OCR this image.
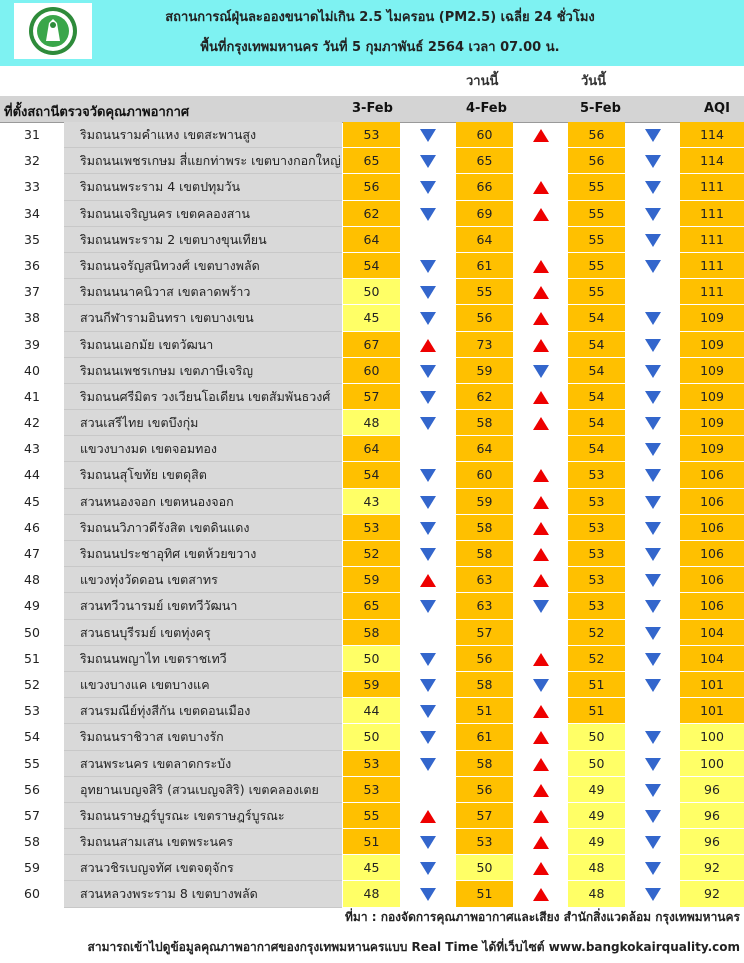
สถานการณ์ฝุ่นละอองขนาดไม่เกิน 2.5 ไมครอน (PM2.5) เฉลี่ย 24 ชั่วโมง
พื้นที่กรุงเทพมหานคร วันที่ 5 กุมภาพันธ์ 2564 เวลา 07.00 น.
วานนี้	วันนี้
ที่ตั้งสถานีตรวจวัดคุณภาพอากาศ	3-Feb	4-Feb	5-Feb	AQI
31	ริมถนนรามคำแหง เขตสะพานสูง	53	60	56	114
32	ริมถนนเพชรเกษม สี่แยกท่าพระ เขตบางกอกใหญ่	65	65	56	114
33	ริมถนนพระราม 4 เขตปทุมวัน	56	66	55	111
34	ริมถนนเจริญนคร เขตคลองสาน	62	69	55	111
35	ริมถนนพระราม 2 เขตบางขุนเทียน	64	64	55	111
36	ริมถนนจรัญสนิทวงศ์ เขตบางพลัด	54	61	55	111
37	ริมถนนนาคนิวาส เขตลาดพร้าว	50	55	55	111
38	สวนกีฬารามอินทรา เขตบางเขน	45	56	54	109
39	ริมถนนเอกมัย เขตวัฒนา	67	73	54	109
40	ริมถนนเพชรเกษม เขตภาษีเจริญ	60	59	54	109
41	ริมถนนศรีมิตร วงเวียนโอเดียน เขตสัมพันธวงศ์	57	62	54	109
42	สวนเสรีไทย เขตบึงกุ่ม	48	58	54	109
43	แขวงบางมด เขตจอมทอง	64	64	54	109
44	ริมถนนสุโขทัย เขตดุสิต	54	60	53	106
45	สวนหนองจอก เขตหนองจอก	43	59	53	106
46	ริมถนนวิภาวดีรังสิต เขตดินแดง	53	58	53	106
47	ริมถนนประชาอุทิศ เขตห้วยขวาง	52	58	53	106
48	แขวงทุ่งวัดดอน เขตสาทร	59	63	53	106
49	สวนทวีวนารมย์ เขตทวีวัฒนา	65	63	53	106
50	สวนธนบุรีรมย์ เขตทุ่งครุ	58	57	52	104
51	ริมถนนพญาไท เขตราชเทวี	50	56	52	104
52	แขวงบางแค เขตบางแค	59	58	51	101
53	สวนรมณีย์ทุ่งสีกัน เขตดอนเมือง	44	51	51	101
54	ริมถนนราชิวาส เขตบางรัก	50	61	50	100
55	สวนพระนคร เขตลาดกระบัง	53	58	50	100
56	อุทยานเบญจสิริ (สวนเบญจสิริ) เขตคลองเตย	53	56	49	96
57	ริมถนนราษฎร์บูรณะ เขตราษฎร์บูรณะ	55	57	49	96
58	ริมถนนสามเสน เขตพระนคร	51	53	49	96
59	สวนวชิรเบญจทัศ เขตจตุจักร	45	50	48	92
60	สวนหลวงพระราม 8 เขตบางพลัด	48	51	48	92
ที่มา : กองจัดการคุณภาพอากาศและเสียง สำนักสิ่งแวดล้อม กรุงเทพมหานคร
สามารถเข้าไปดูข้อมูลคุณภาพอากาศของกรุงเทพมหานครแบบ Real Time ได้ที่เว็บไซต์ www.bangkokairquality.com
